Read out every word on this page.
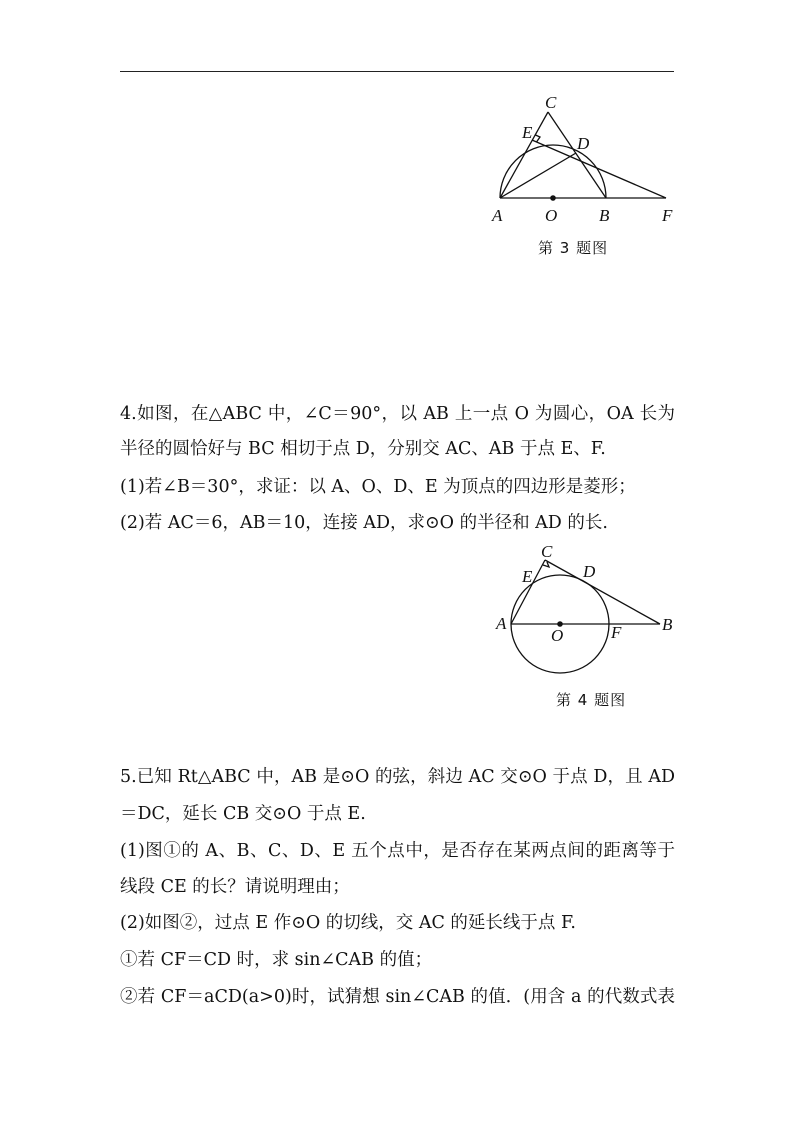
A	O B	F
C
D
E
第 3 题图
4.如图，在△ABC 中，∠C＝90°，以 AB 上一点 O 为圆心，OA 长为
半径的圆恰好与 BC 相切于点 D，分别交 AC、AB 于点 E、F.
(1)若∠B＝30°，求证：以 A、O、D、E 为顶点的四边形是菱形；
(2)若 AC＝6，AB＝10，连接 AD，求⊙O 的半径和 AD 的长.
A
O	F B
C
D
E
第 4 题图
5.已知 Rt△ABC 中，AB 是⊙O 的弦，斜边 AC 交⊙O 于点 D，且 AD
＝DC，延长 CB 交⊙O 于点 E.
(1)图①的 A、B、C、D、E 五个点中，是否存在某两点间的距离等于
线段 CE 的长？请说明理由；
(2)如图②，过点 E 作⊙O 的切线，交 AC 的延长线于点 F.
①若 CF＝CD 时，求 sin∠CAB 的值；
②若 CF＝aCD(a>0)时，试猜想 sin∠CAB 的值．(用含 a 的代数式表
